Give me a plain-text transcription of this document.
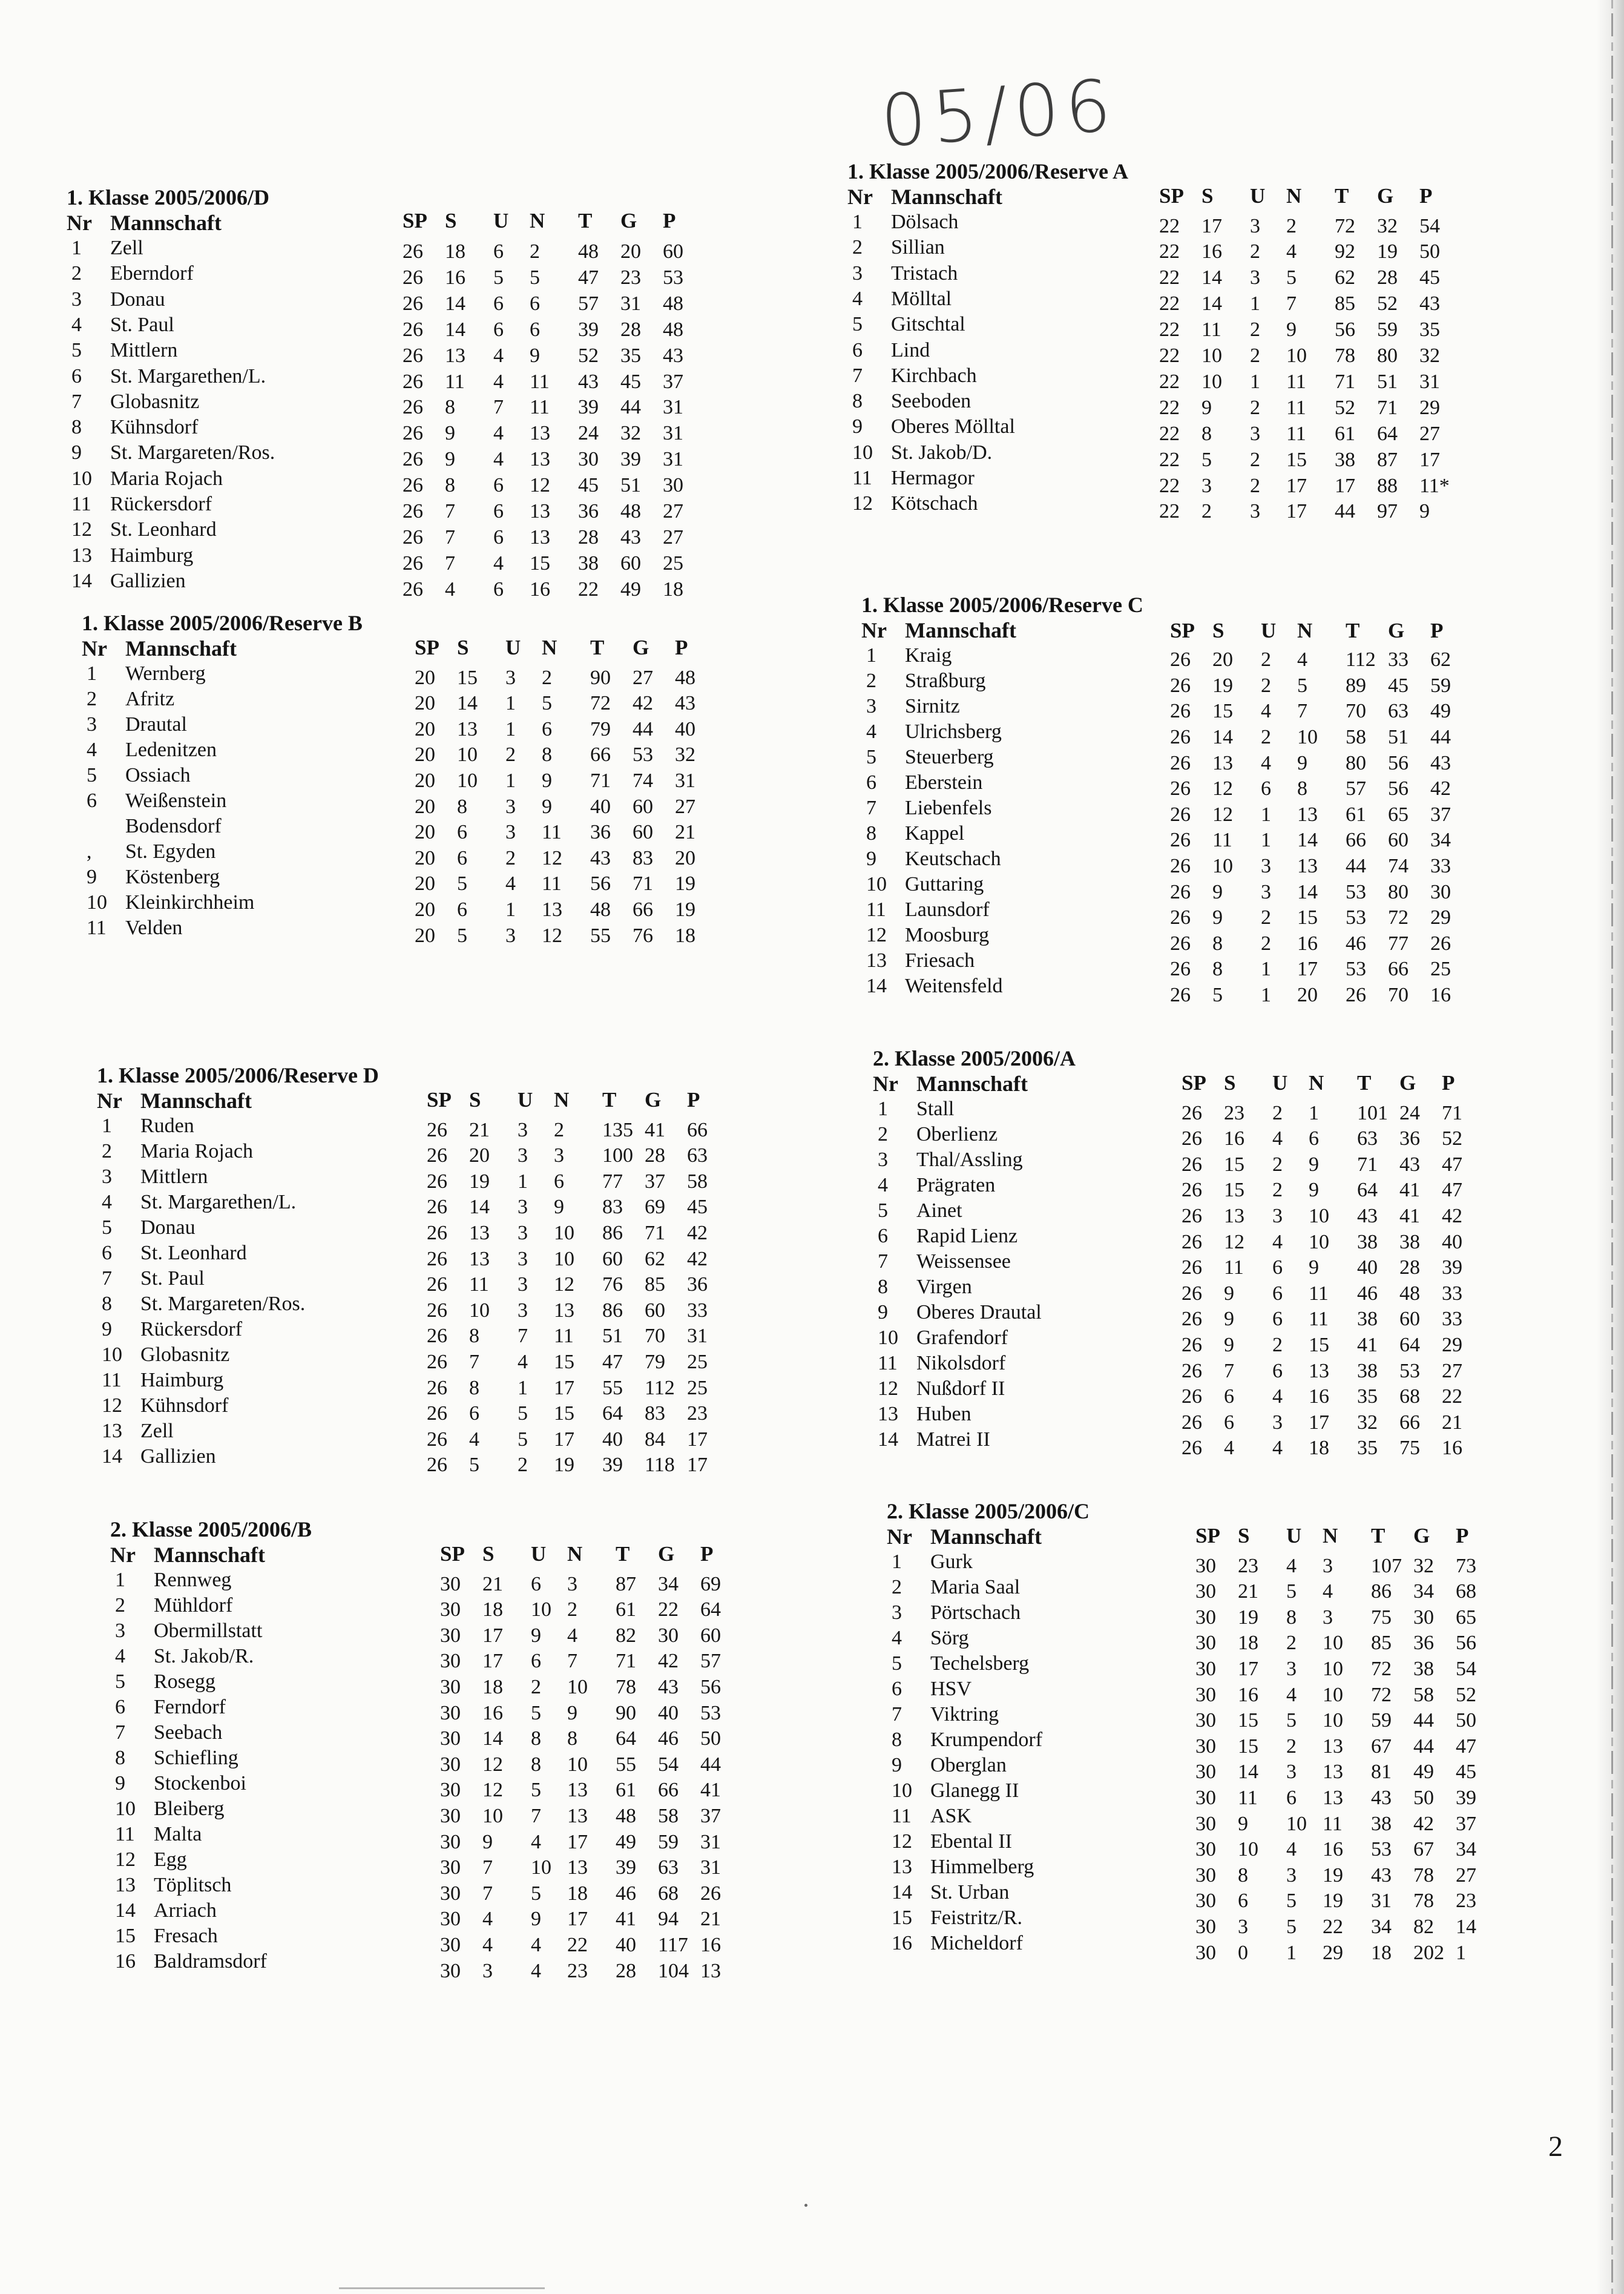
05/06
1. Klasse 2005/2006/D
Nr Mannschaft	SP S U N T G P
1 Zell	26 18 6 2 48 20 60
2 Eberndorf	26 16 5 5 47 23 53
3 Donau	26 14 6 6 57 31 48
4 St. Paul	26 14 6 6 39 28 48
5 Mittlern	26 13 4 9 52 35 43
6 St. Margarethen/L.	26 11 4 11 43 45 37
7 Globasnitz	26 8 7 11 39 44 31
8 Kühnsdorf	26 9 4 13 24 32 31
9 St. Margareten/Ros.	26 9 4 13 30 39 31
10 Maria Rojach	26 8 6 12 45 51 30
11 Rückersdorf	26 7 6 13 36 48 27
12 St. Leonhard	26 7 6 13 28 43 27
13 Haimburg	26 7 4 15 38 60 25
14 Gallizien	26 4 6 16 22 49 18
1. Klasse 2005/2006/Reserve A
Nr Mannschaft	SP S U N T G P
1 Dölsach	22 17 3 2 72 32 54
2 Sillian	22 16 2 4 92 19 50
3 Tristach	22 14 3 5 62 28 45
4 Mölltal	22 14 1 7 85 52 43
5 Gitschtal	22 11 2 9 56 59 35
6 Lind	22 10 2 10 78 80 32
7 Kirchbach	22 10 1 11 71 51 31
8 Seeboden	22 9 2 11 52 71 29
9 Oberes Mölltal	22 8 3 11 61 64 27
10 St. Jakob/D.	22 5 2 15 38 87 17
11 Hermagor	22 3 2 17 17 88 11*
12 Kötschach	22 2 3 17 44 97 9
1. Klasse 2005/2006/Reserve B
Nr Mannschaft	SP S U N T G P
1 Wernberg	20 15 3 2 90 27 48
2 Afritz	20 14 1 5 72 42 43
3 Drautal	20 13 1 6 79 44 40
4 Ledenitzen	20 10 2 8 66 53 32
5 Ossiach	20 10 1 9 71 74 31
6 Weißenstein	20 8 3 9 40 60 27
Bodensdorf	20 6 3 11 36 60 21
, St. Egyden	20 6 2 12 43 83 20
9 Köstenberg	20 5 4 11 56 71 19
10 Kleinkirchheim	20 6 1 13 48 66 19
11 Velden	20 5 3 12 55 76 18
1. Klasse 2005/2006/Reserve C
Nr Mannschaft	SP S U N T G P
1 Kraig	26 20 2 4 112 33 62
2 Straßburg	26 19 2 5 89 45 59
3 Sirnitz	26 15 4 7 70 63 49
4 Ulrichsberg	26 14 2 10 58 51 44
5 Steuerberg	26 13 4 9 80 56 43
6 Eberstein	26 12 6 8 57 56 42
7 Liebenfels	26 12 1 13 61 65 37
8 Kappel	26 11 1 14 66 60 34
9 Keutschach	26 10 3 13 44 74 33
10 Guttaring	26 9 3 14 53 80 30
11 Launsdorf	26 9 2 15 53 72 29
12 Moosburg	26 8 2 16 46 77 26
13 Friesach	26 8 1 17 53 66 25
14 Weitensfeld	26 5 1 20 26 70 16
1. Klasse 2005/2006/Reserve D
Nr Mannschaft	SP S U N T G P
1 Ruden	26 21 3 2 135 41 66
2 Maria Rojach	26 20 3 3 100 28 63
3 Mittlern	26 19 1 6 77 37 58
4 St. Margarethen/L.	26 14 3 9 83 69 45
5 Donau	26 13 3 10 86 71 42
6 St. Leonhard	26 13 3 10 60 62 42
7 St. Paul	26 11 3 12 76 85 36
8 St. Margareten/Ros.	26 10 3 13 86 60 33
9 Rückersdorf	26 8 7 11 51 70 31
10 Globasnitz	26 7 4 15 47 79 25
11 Haimburg	26 8 1 17 55 112 25
12 Kühnsdorf	26 6 5 15 64 83 23
13 Zell	26 4 5 17 40 84 17
14 Gallizien	26 5 2 19 39 118 17
2. Klasse 2005/2006/A
Nr Mannschaft	SP S U N T G P
1 Stall	26 23 2 1 101 24 71
2 Oberlienz	26 16 4 6 63 36 52
3 Thal/Assling	26 15 2 9 71 43 47
4 Prägraten	26 15 2 9 64 41 47
5 Ainet	26 13 3 10 43 41 42
6 Rapid Lienz	26 12 4 10 38 38 40
7 Weissensee	26 11 6 9 40 28 39
8 Virgen	26 9 6 11 46 48 33
9 Oberes Drautal	26 9 6 11 38 60 33
10 Grafendorf	26 9 2 15 41 64 29
11 Nikolsdorf	26 7 6 13 38 53 27
12 Nußdorf II	26 6 4 16 35 68 22
13 Huben	26 6 3 17 32 66 21
14 Matrei II	26 4 4 18 35 75 16
2. Klasse 2005/2006/B
Nr Mannschaft	SP S U N T G P
1 Rennweg	30 21 6 3 87 34 69
2 Mühldorf	30 18 10 2 61 22 64
3 Obermillstatt	30 17 9 4 82 30 60
4 St. Jakob/R.	30 17 6 7 71 42 57
5 Rosegg	30 18 2 10 78 43 56
6 Ferndorf	30 16 5 9 90 40 53
7 Seebach	30 14 8 8 64 46 50
8 Schiefling	30 12 8 10 55 54 44
9 Stockenboi	30 12 5 13 61 66 41
10 Bleiberg	30 10 7 13 48 58 37
11 Malta	30 9 4 17 49 59 31
12 Egg	30 7 10 13 39 63 31
13 Töplitsch	30 7 5 18 46 68 26
14 Arriach	30 4 9 17 41 94 21
15 Fresach	30 4 4 22 40 117 16
16 Baldramsdorf	30 3 4 23 28 104 13
2. Klasse 2005/2006/C
Nr Mannschaft	SP S U N T G P
1 Gurk	30 23 4 3 107 32 73
2 Maria Saal	30 21 5 4 86 34 68
3 Pörtschach	30 19 8 3 75 30 65
4 Sörg	30 18 2 10 85 36 56
5 Techelsberg	30 17 3 10 72 38 54
6 HSV	30 16 4 10 72 58 52
7 Viktring	30 15 5 10 59 44 50
8 Krumpendorf	30 15 2 13 67 44 47
9 Oberglan	30 14 3 13 81 49 45
10 Glanegg II	30 11 6 13 43 50 39
11 ASK	30 9 10 11 38 42 37
12 Ebental II	30 10 4 16 53 67 34
13 Himmelberg	30 8 3 19 43 78 27
14 St. Urban	30 6 5 19 31 78 23
15 Feistritz/R.	30 3 5 22 34 82 14
16 Micheldorf	30 0 1 29 18 202 1
2
